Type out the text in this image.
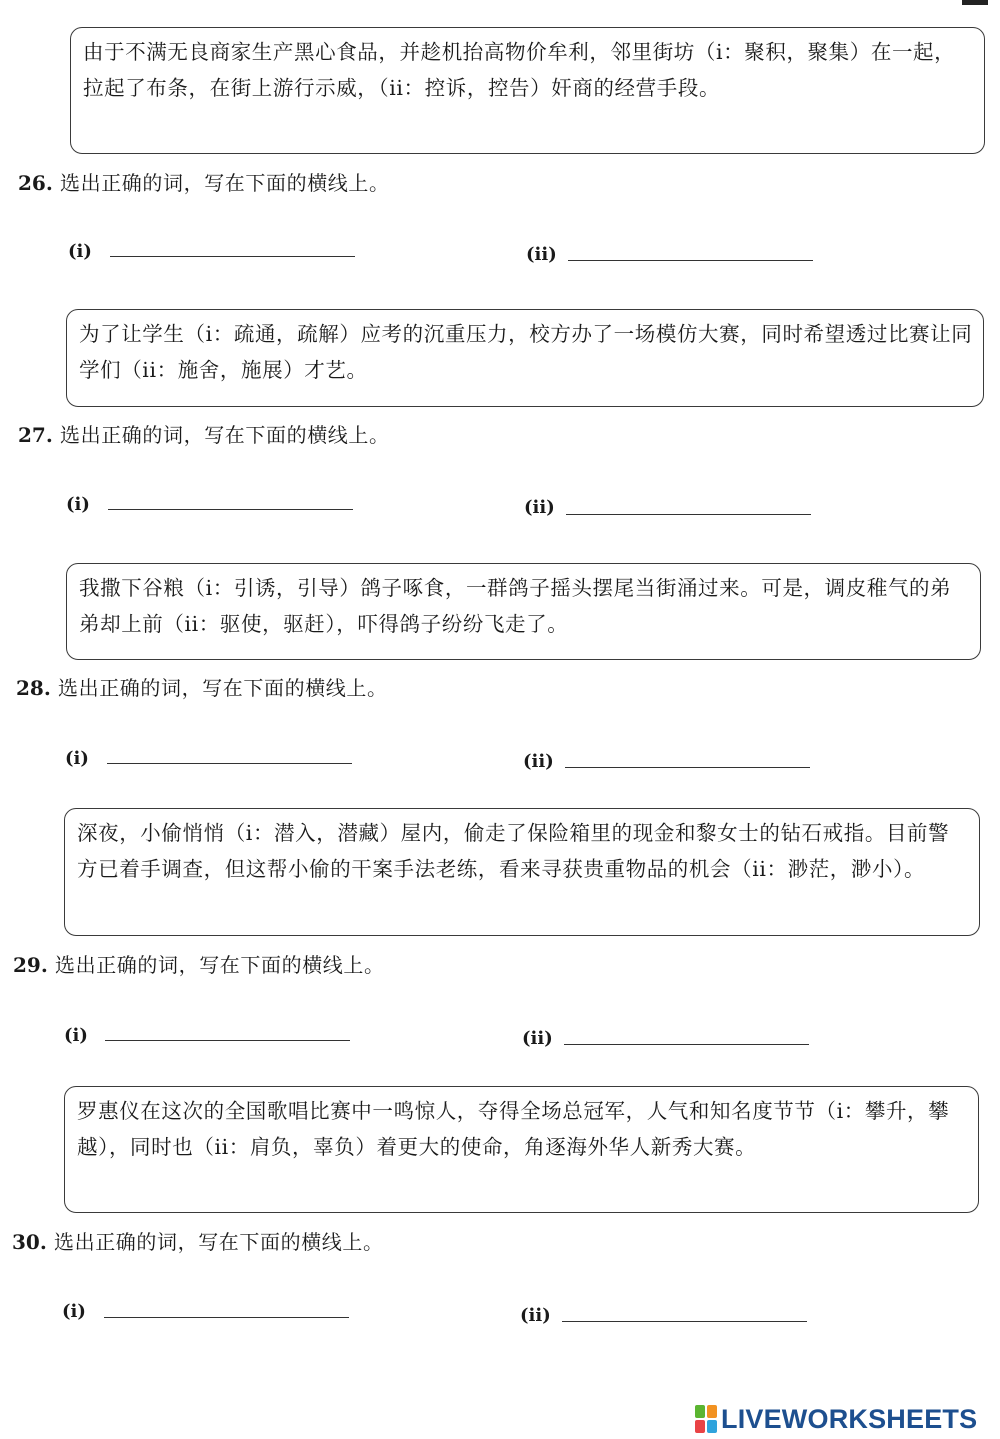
由于不满无良商家生产黑心食品，并趁机抬高物价牟利，邻里街坊（i：聚积，聚集）在一起，拉起了布条，在街上游行示威，（ii：控诉，控告）奸商的经营手段。
26. 选出正确的词，写在下面的横线上。
(i)	(ii)
为了让学生（i：疏通，疏解）应考的沉重压力，校方办了一场模仿大赛，同时希望透过比赛让同学们（ii：施舍，施展）才艺。
27. 选出正确的词，写在下面的横线上。
(i)	(ii)
我撒下谷粮（i：引诱，引导）鸽子啄食，一群鸽子摇头摆尾当街涌过来。可是，调皮稚气的弟弟却上前（ii：驱使，驱赶），吓得鸽子纷纷飞走了。
28. 选出正确的词，写在下面的横线上。
(i)	(ii)
深夜，小偷悄悄（i：潜入，潜藏）屋内，偷走了保险箱里的现金和黎女士的钻石戒指。目前警方已着手调查，但这帮小偷的干案手法老练，看来寻获贵重物品的机会（ii：渺茫，渺小）。
29. 选出正确的词，写在下面的横线上。
(i)	(ii)
罗惠仪在这次的全国歌唱比赛中一鸣惊人，夺得全场总冠军，人气和知名度节节（i：攀升，攀越），同时也（ii：肩负，辜负）着更大的使命，角逐海外华人新秀大赛。
30. 选出正确的词，写在下面的横线上。
(i)	(ii)
LIVEWORKSHEETS
